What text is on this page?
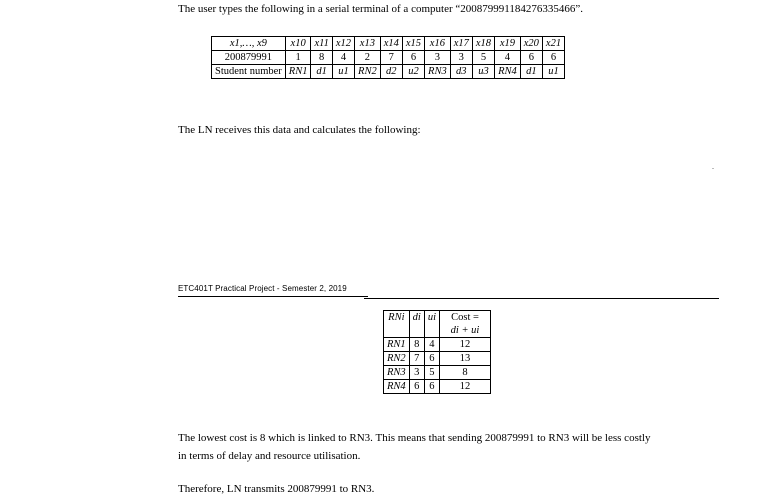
The user types the following in a serial terminal of a computer “200879991184276335466”.
x1,…, x9	x10	x11	x12	x13	x14	x15	x16	x17	x18	x19	x20	x21
200879991	1	8	4	2	7	6	3	3	5	4	6	6
Student number	RN1	d1	u1	RN2	d2	u2	RN3	d3	u3	RN4	d1	u1
The LN receives this data and calculates the following:
ETC401T Practical Project - Semester 2, 2019
RNi	di	ui	Cost =
			di + ui
RN1	8	4	12
RN2	7	6	13
RN3	3	5	8
RN4	6	6	12
The lowest cost is 8 which is linked to RN3. This means that sending 200879991 to RN3 will be less costly
in terms of delay and resource utilisation.
Therefore, LN transmits 200879991 to RN3.
